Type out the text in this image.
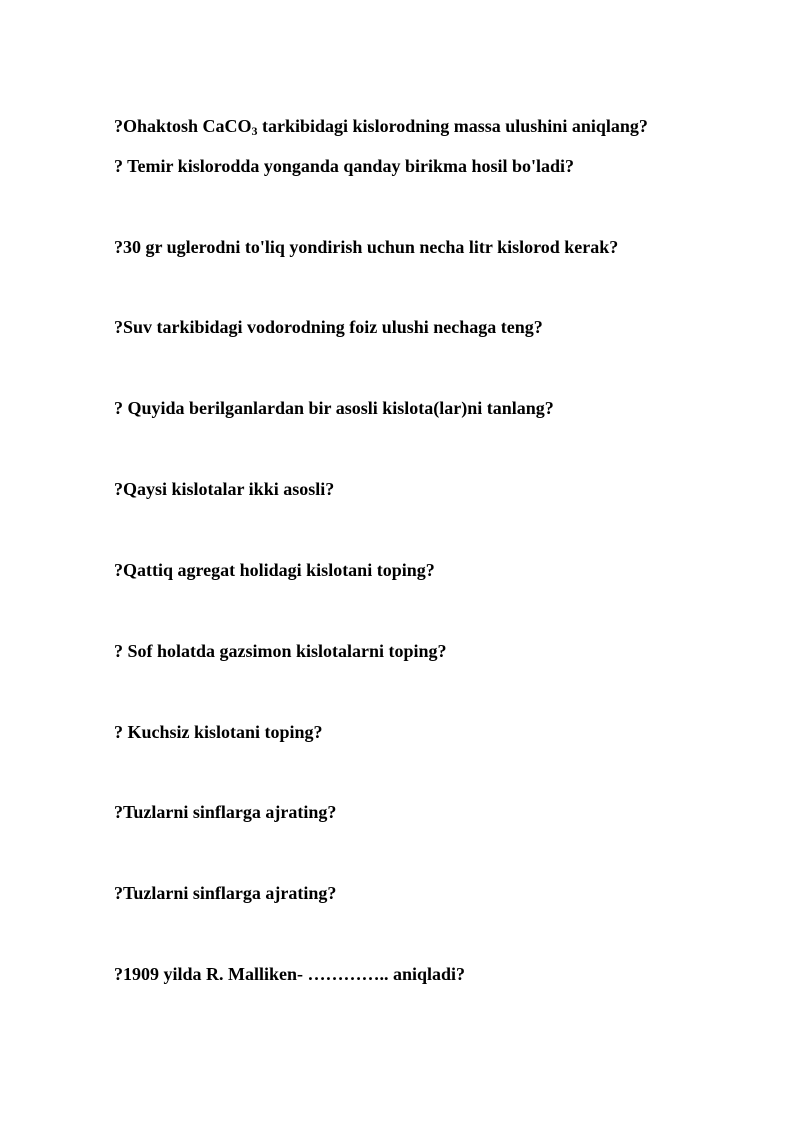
?Ohaktosh CaCO$_3$ tarkibidagi kislorodning massa ulushini aniqlang?

? Temir kislorodda yonganda qanday birikma hosil bo'ladi?

?30 gr uglerodni to'liq yondirish uchun necha litr kislorod kerak?

?Suv tarkibidagi vodorodning foiz ulushi nechaga teng?

? Quyida berilganlardan bir asosli kislota(lar)ni tanlang?

?Qaysi kislotalar ikki asosli?

?Qattiq agregat holidagi kislotani toping?

? Sof holatda gazsimon kislotalarni toping?

? Kuchsiz kislotani toping?

?Tuzlarni sinflarga ajrating?

?Tuzlarni sinflarga ajrating?

?1909 yilda R. Malliken- ………….. aniqladi?
